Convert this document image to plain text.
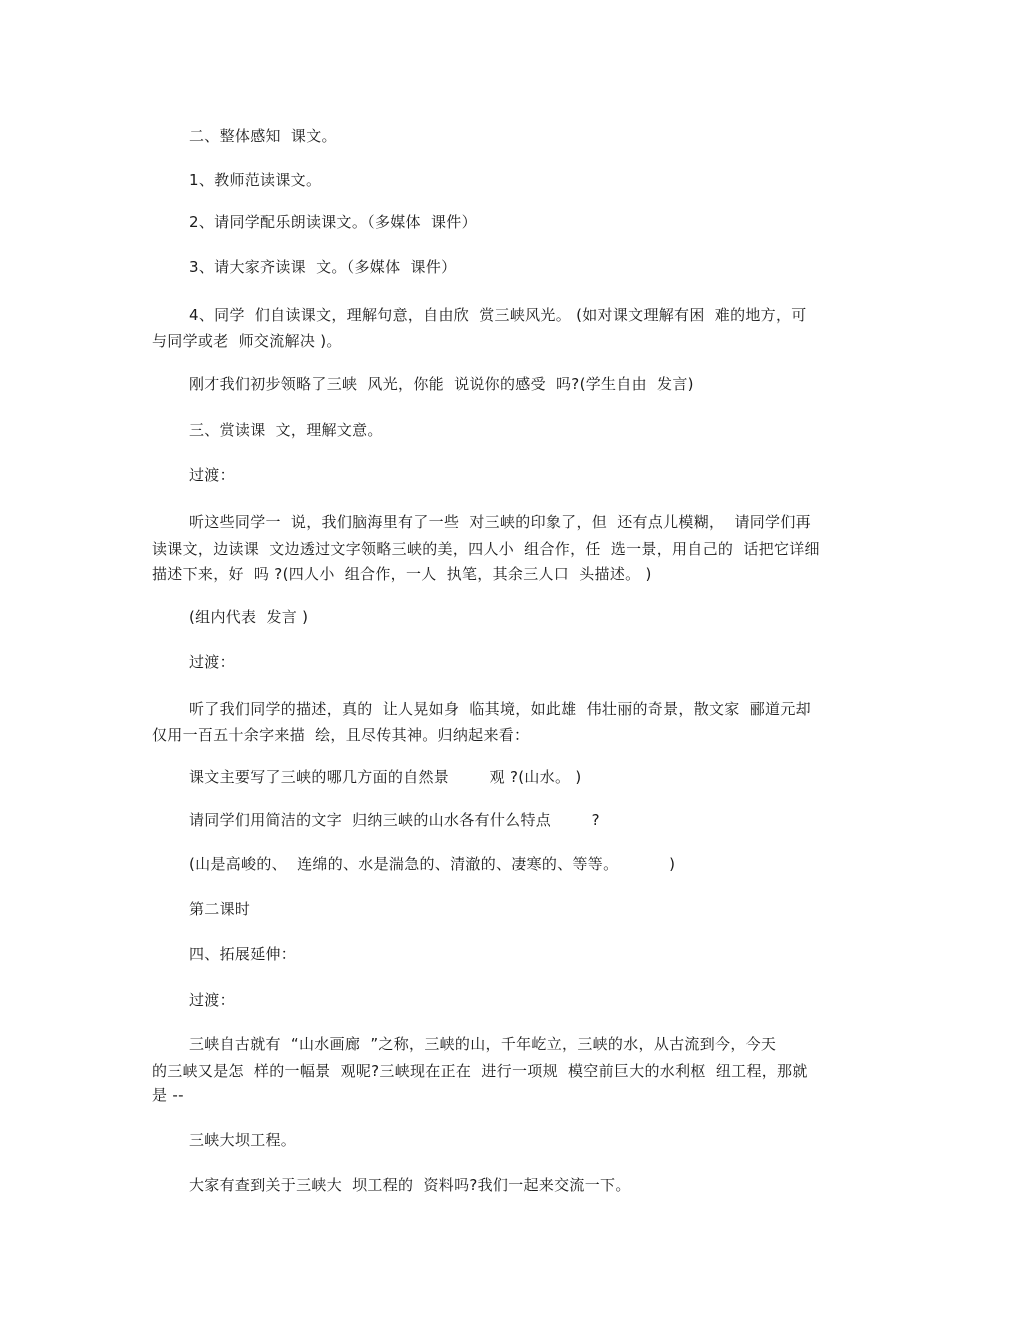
二、整体感知  课文。
1、教师范读课文。
2、请同学配乐朗读课文。（多媒体  课件）
3、请大家齐读课  文。（多媒体  课件）
4、同学  们自读课文，理解句意，自由欣  赏三峡风光。 (如对课文理解有困  难的地方，可
与同学或老  师交流解决 )。
刚才我们初步领略了三峡  风光，你能  说说你的感受  吗?(学生自由  发言)
三、赏读课  文，理解文意。
过渡：
听这些同学一  说，我们脑海里有了一些  对三峡的印象了，但  还有点儿模糊，  请同学们再
读课文，边读课  文边透过文字领略三峡的美，四人小  组合作，任  选一景，用自己的  话把它详细
描述下来，好  吗 ?(四人小  组合作，一人  执笔，其余三人口  头描述。 )
(组内代表  发言 )
过渡：
听了我们同学的描述，真的  让人晃如身  临其境，如此雄  伟壮丽的奇景，散文家  郦道元却
仅用一百五十余字来描  绘，且尽传其神。归纳起来看：
课文主要写了三峡的哪几方面的自然景        观 ?(山水。 )
请同学们用简洁的文字  归纳三峡的山水各有什么特点        ?
(山是高峻的、  连绵的、水是湍急的、清澈的、凄寒的、等等。          )
第二课时
四、拓展延伸：
过渡：
三峡自古就有  “山水画廊  ”之称，三峡的山，千年屹立，三峡的水，从古流到今，今天
的三峡又是怎  样的一幅景  观呢?三峡现在正在  进行一项规  模空前巨大的水利枢  纽工程，那就
是 --
三峡大坝工程。
大家有查到关于三峡大  坝工程的  资料吗?我们一起来交流一下。
